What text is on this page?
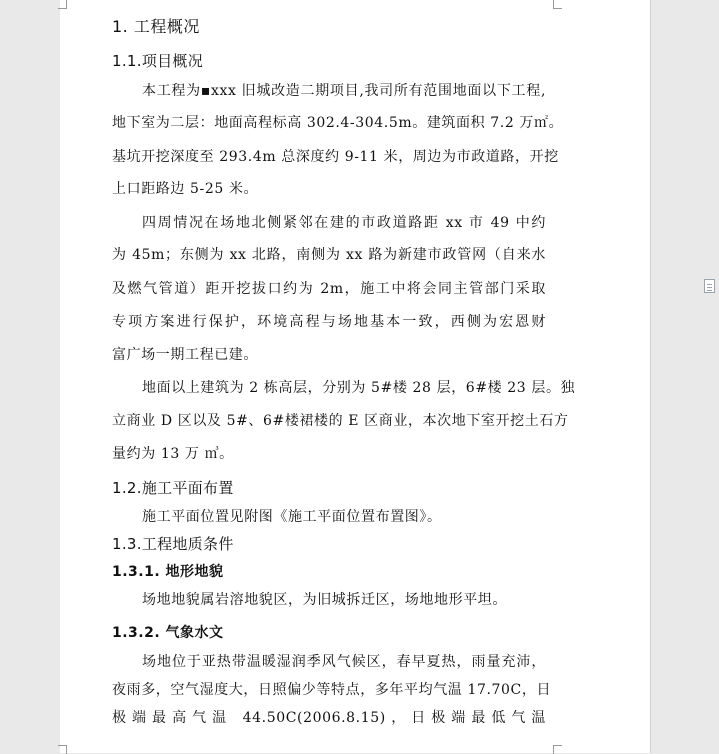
1. 工程概况
1.1.项目概况
本工程为▪xxx 旧城改造二期项目,我司所有范围地面以下工程,
地下室为二层：地面高程标高 302.4-304.5m。建筑面积 7.2 万㎡。
基坑开挖深度至 293.4m 总深度约 9-11 米，周边为市政道路，开挖
上口距路边 5-25 米。
四周情况在场地北侧紧邻在建的市政道路距 xx 市 49 中约
为 45m；东侧为 xx 北路，南侧为 xx 路为新建市政管网（自来水
及燃气管道）距开挖拔口约为 2m，施工中将会同主管部门采取
专项方案进行保护，环境高程与场地基本一致，西侧为宏恩财
富广场一期工程已建。
地面以上建筑为 2 栋高层，分别为 5#楼 28 层，6#楼 23 层。独
立商业 D 区以及 5#、6#楼裙楼的 E 区商业，本次地下室开挖土石方
量约为 13 万 ㎥。
1.2.施工平面布置
施工平面位置见附图《施工平面位置布置图》。
1.3.工程地质条件
1.3.1. 地形地貌
场地地貌属岩溶地貌区，为旧城拆迁区，场地地形平坦。
1.3.2. 气象水文
场地位于亚热带温暖湿润季风气候区，春早夏热，雨量充沛，
夜雨多，空气湿度大，日照偏少等特点，多年平均气温 17.70C，日
极端最高气温 44.50C(2006.8.15)，日极端最低气温
